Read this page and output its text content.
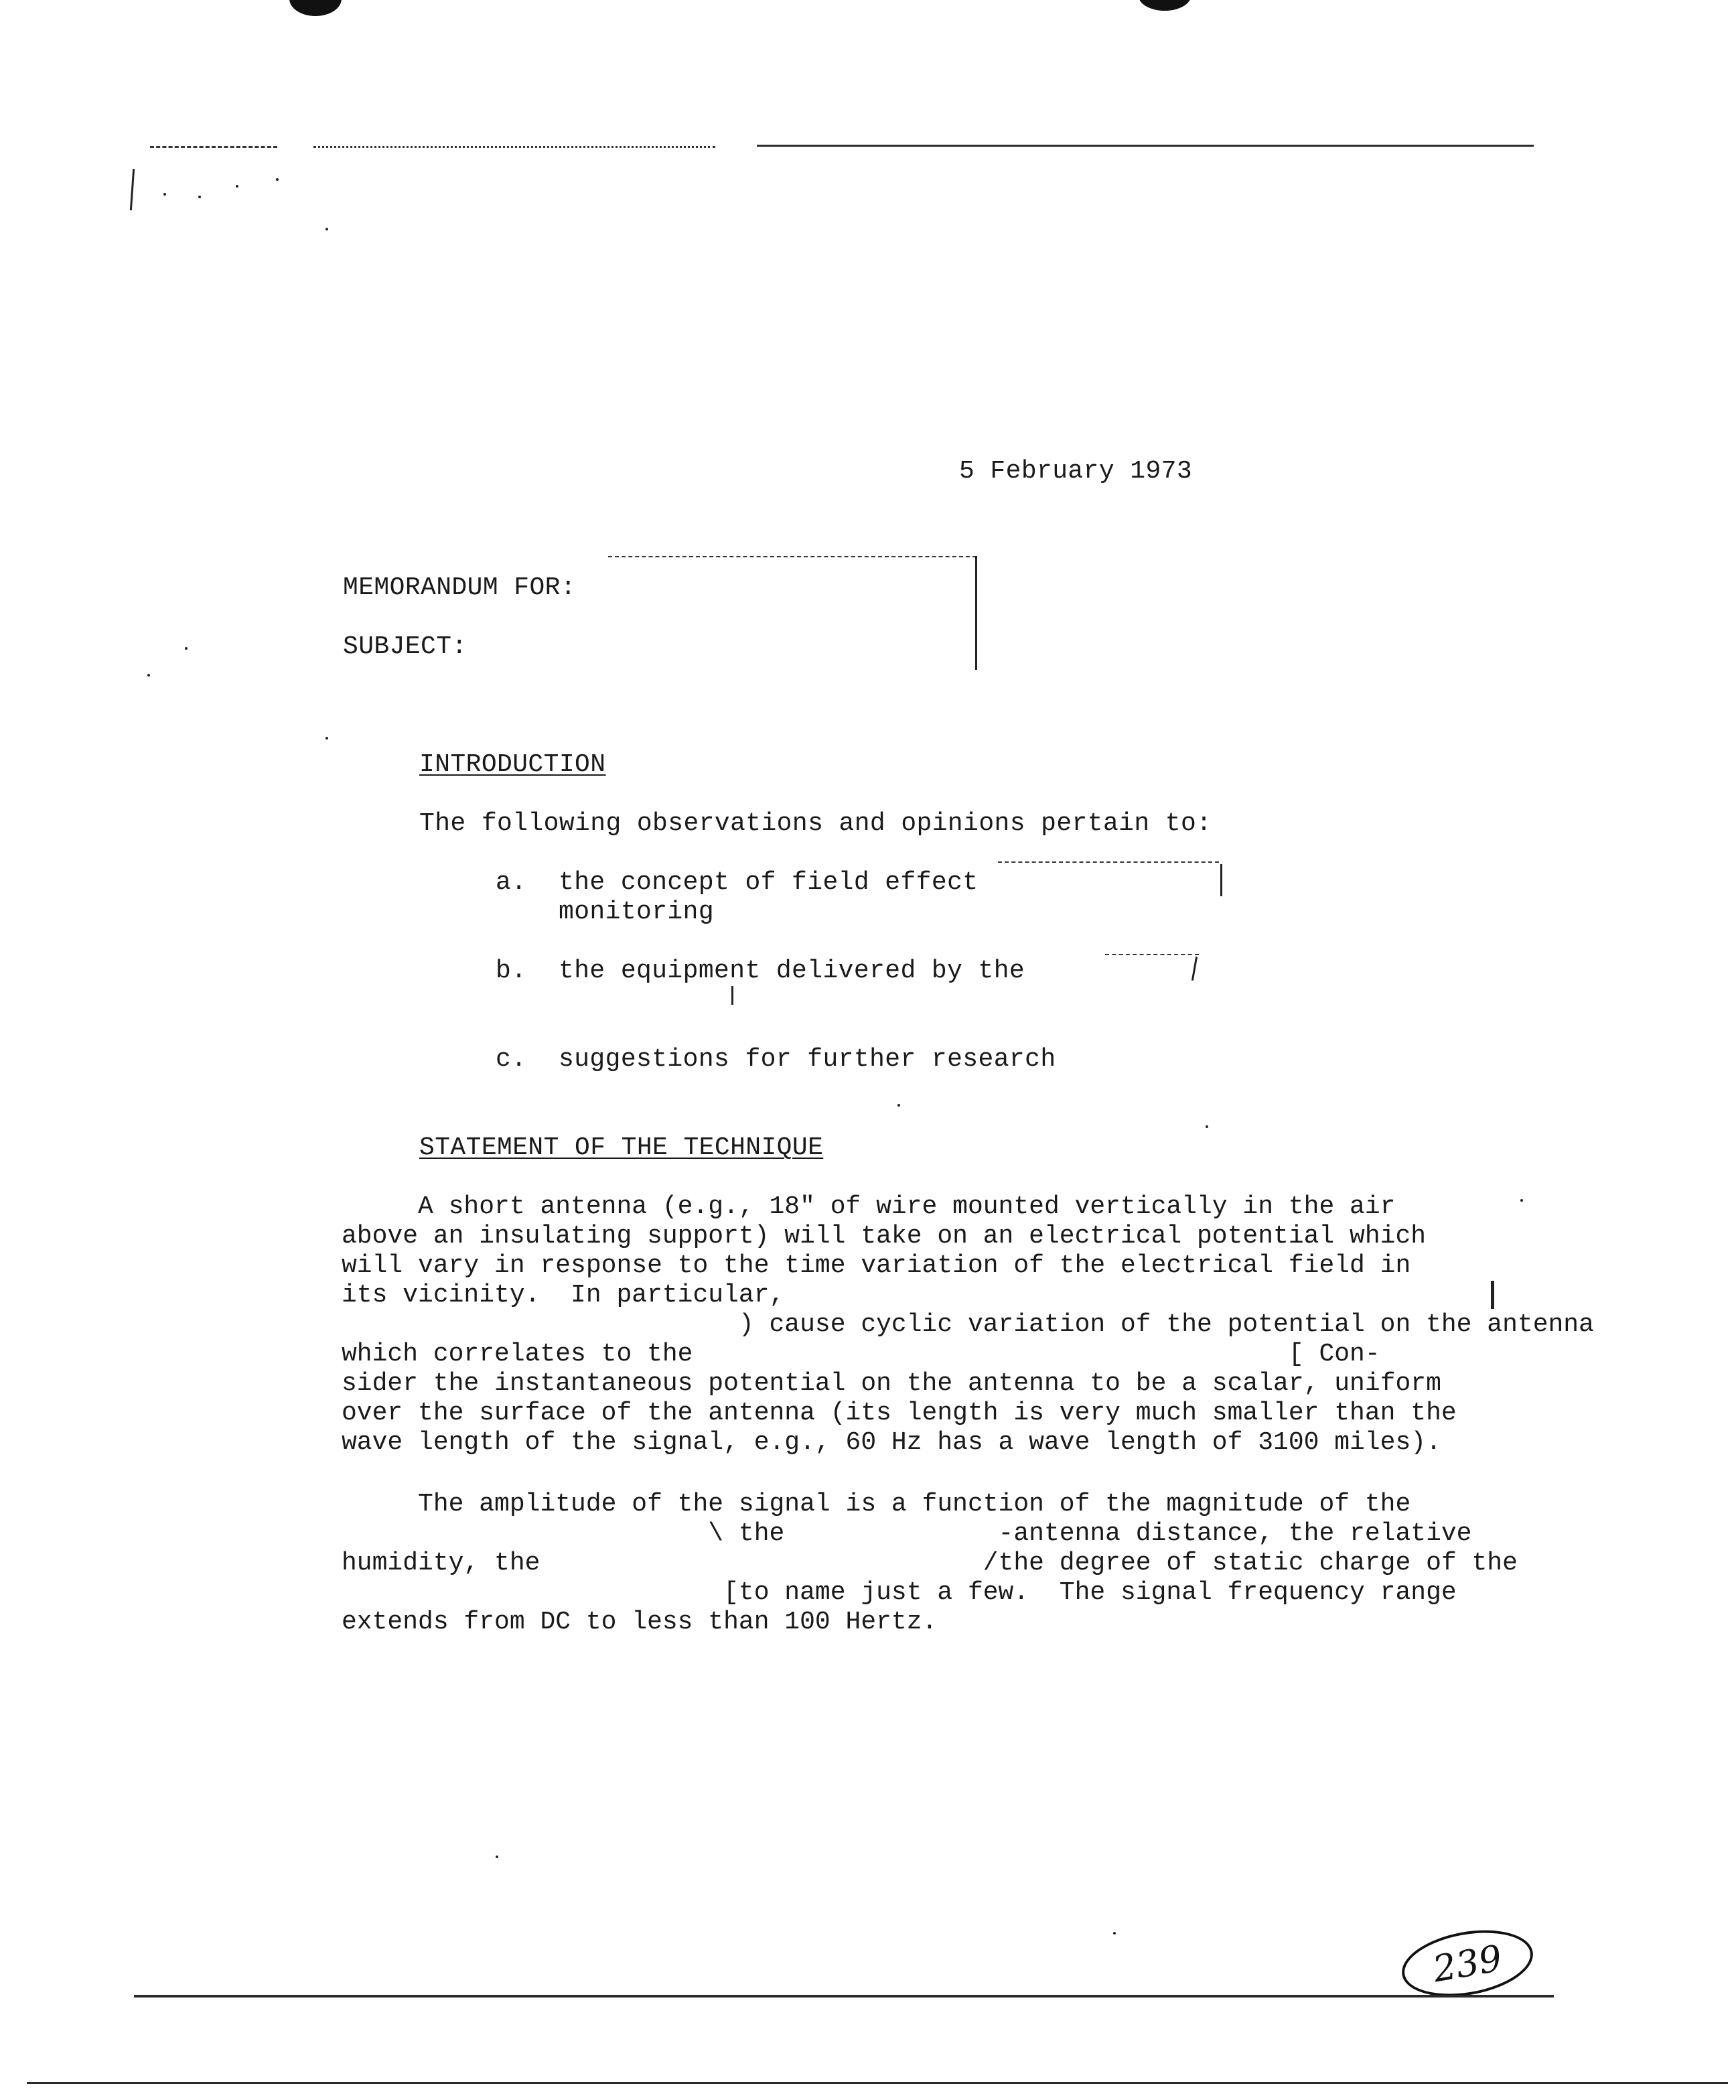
5 February 1973
MEMORANDUM FOR:
SUBJECT:
INTRODUCTION
The following observations and opinions pertain to:
a. the concept of field effect
monitoring
b. the equipment delivered by the
c. suggestions for further research
STATEMENT OF THE TECHNIQUE
A short antenna (e.g., 18" of wire mounted vertically in the air
above an insulating support) will take on an electrical potential which
will vary in response to the time variation of the electrical field in
its vicinity.  In particular,
) cause cyclic variation of the potential on the antenna
which correlates to the                                       [ Con-
sider the instantaneous potential on the antenna to be a scalar, uniform
over the surface of the antenna (its length is very much smaller than the
wave length of the signal, e.g., 60 Hz has a wave length of 3100 miles).
The amplitude of the signal is a function of the magnitude of the
\ the              -antenna distance, the relative
humidity, the                             /the degree of static charge of the
[to name just a few.  The signal frequency range
extends from DC to less than 100 Hertz.
239
